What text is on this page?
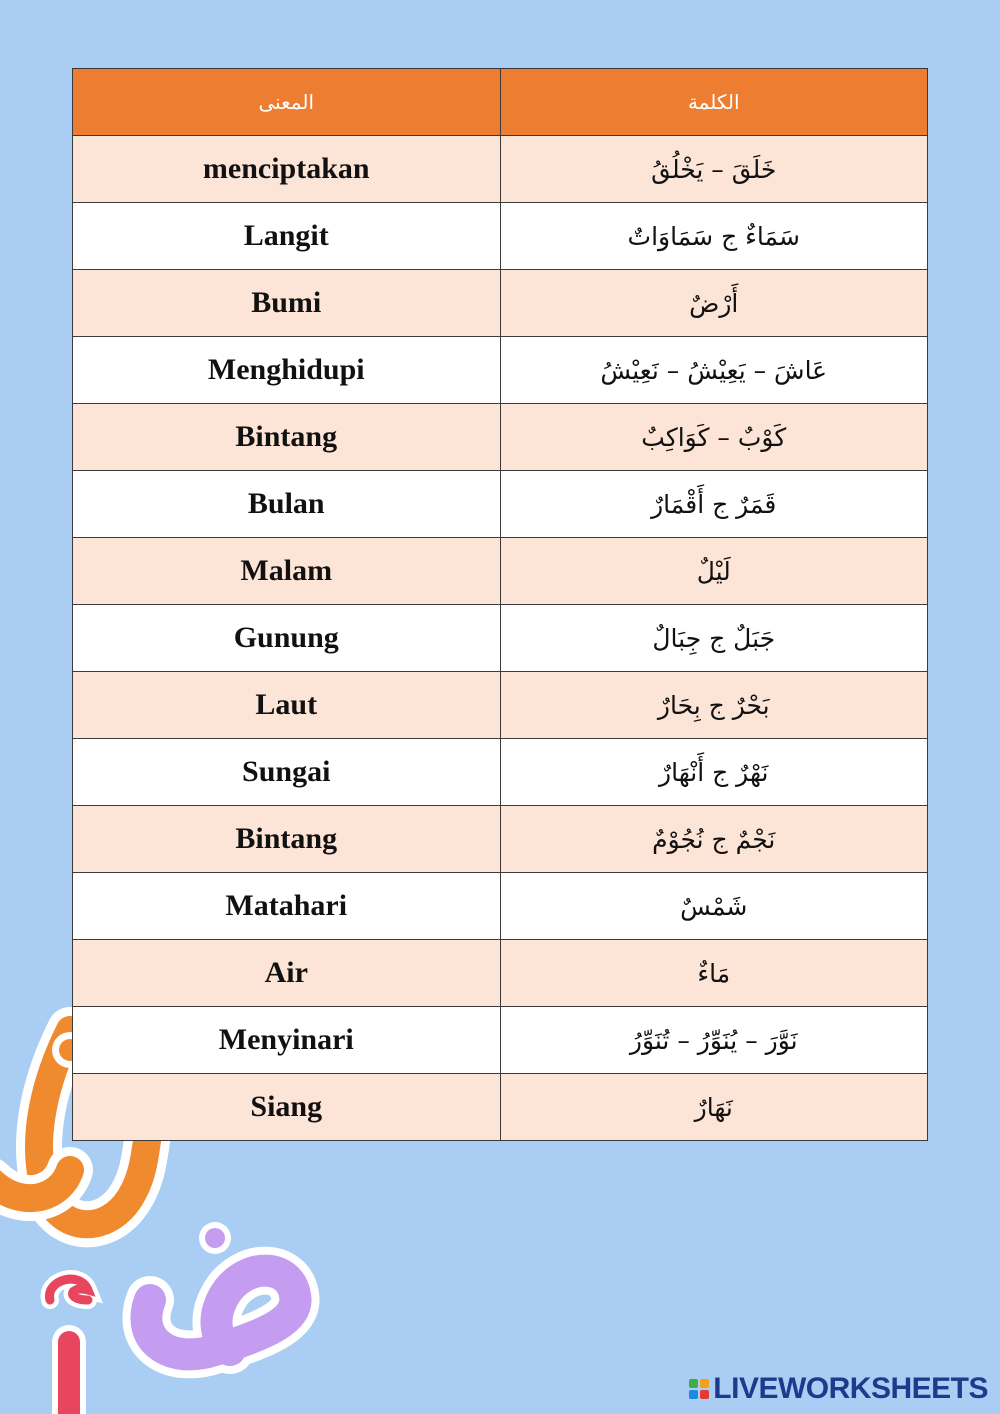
المعنى	الكلمة
menciptakan	خَلَقَ – يَخْلُقُ
Langit	سَمَاءٌ ج سَمَاوَاتٌ
Bumi	أَرْضٌ
Menghidupi	عَاشَ – يَعِيْشُ – نَعِيْشُ
Bintang	كَوْبٌ – كَوَاكِبٌ
Bulan	قَمَرٌ ج أَقْمَارٌ
Malam	لَيْلٌ
Gunung	جَبَلٌ ج جِبَالٌ
Laut	بَحْرٌ ج بِحَارٌ
Sungai	نَهْرٌ ج أَنْهَارٌ
Bintang	نَجْمٌ ج نُجُوْمٌ
Matahari	شَمْسٌ
Air	مَاءٌ
Menyinari	نَوَّرَ – يُنَوِّرُ – تُنَوِّرُ
Siang	نَهَارٌ
LIVEWORKSHEETS
